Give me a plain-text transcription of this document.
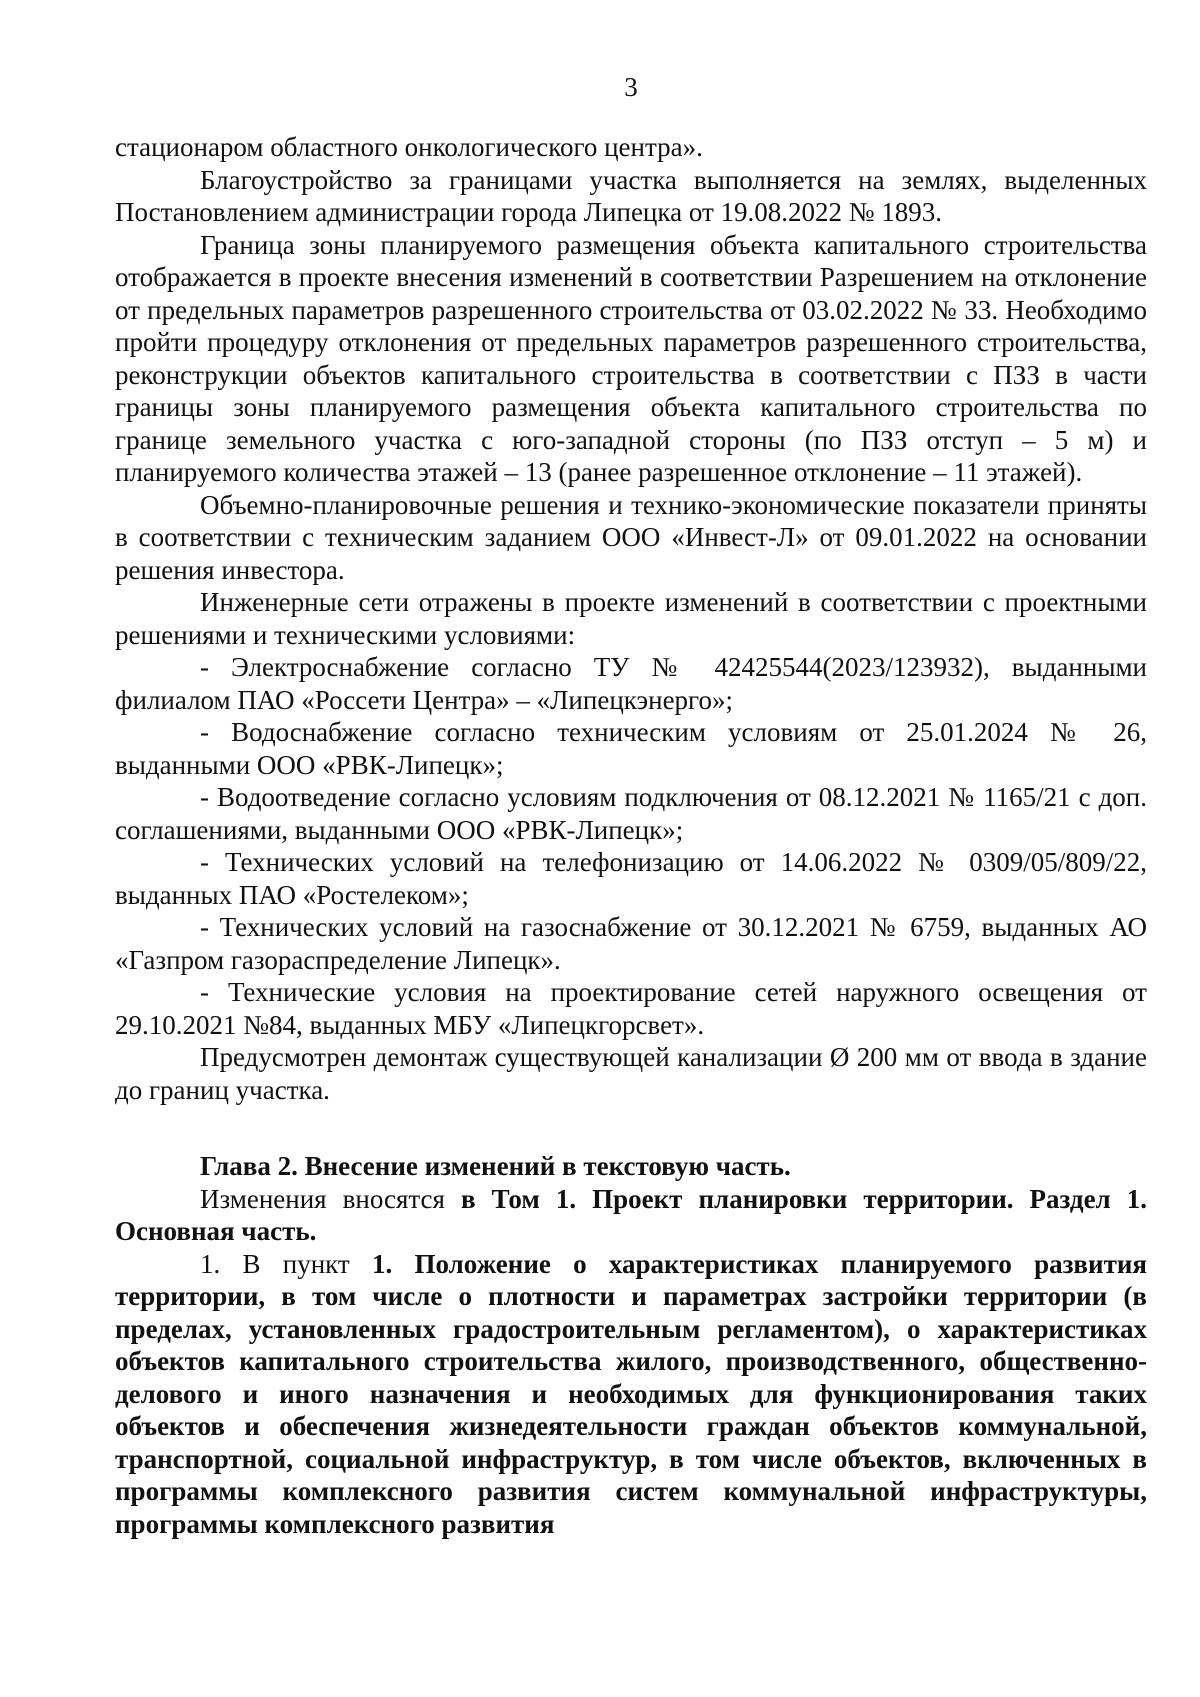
3

стационаром областного онкологического центра».

Благоустройство за границами участка выполняется на землях, выделенных Постановлением администрации города Липецка от 19.08.2022 № 1893.

Граница зоны планируемого размещения объекта капитального строительства отображается в проекте внесения изменений в соответствии Разрешением на отклонение от предельных параметров разрешенного строительства от 03.02.2022 № 33. Необходимо пройти процедуру отклонения от предельных параметров разрешенного строительства, реконструкции объектов капитального строительства в соответствии с ПЗЗ в части границы зоны планируемого размещения объекта капитального строительства по границе земельного участка с юго-западной стороны (по ПЗЗ отступ – 5 м) и планируемого количества этажей – 13 (ранее разрешенное отклонение – 11 этажей).

Объемно-планировочные решения и технико-экономические показатели приняты в соответствии с техническим заданием ООО «Инвест-Л» от 09.01.2022 на основании решения инвестора.

Инженерные сети отражены в проекте изменений в соответствии с проектными решениями и техническими условиями:

- Электроснабжение согласно ТУ № 42425544(2023/123932), выданными филиалом ПАО «Россети Центра» – «Липецкэнерго»;

- Водоснабжение согласно техническим условиям от 25.01.2024 № 26, выданными ООО «РВК-Липецк»;

- Водоотведение согласно условиям подключения от 08.12.2021 № 1165/21 с доп. соглашениями, выданными ООО «РВК-Липецк»;

- Технических условий на телефонизацию от 14.06.2022 № 0309/05/809/22, выданных ПАО «Ростелеком»;

- Технических условий на газоснабжение от 30.12.2021 № 6759, выданных АО «Газпром газораспределение Липецк».

- Технические условия на проектирование сетей наружного освещения от 29.10.2021 №84, выданных МБУ «Липецкгорсвет».

Предусмотрен демонтаж существующей канализации Ø 200 мм от ввода в здание до границ участка.

Глава 2. Внесение изменений в текстовую часть.

Изменения вносятся в Том 1. Проект планировки территории. Раздел 1. Основная часть.

1. В пункт 1. Положение о характеристиках планируемого развития территории, в том числе о плотности и параметрах застройки территории (в пределах, установленных градостроительным регламентом), о характеристиках объектов капитального строительства жилого, производственного, общественно-делового и иного назначения и необходимых для функционирования таких объектов и обеспечения жизнедеятельности граждан объектов коммунальной, транспортной, социальной инфраструктур, в том числе объектов, включенных в программы комплексного развития систем коммунальной инфраструктуры, программы комплексного развития
